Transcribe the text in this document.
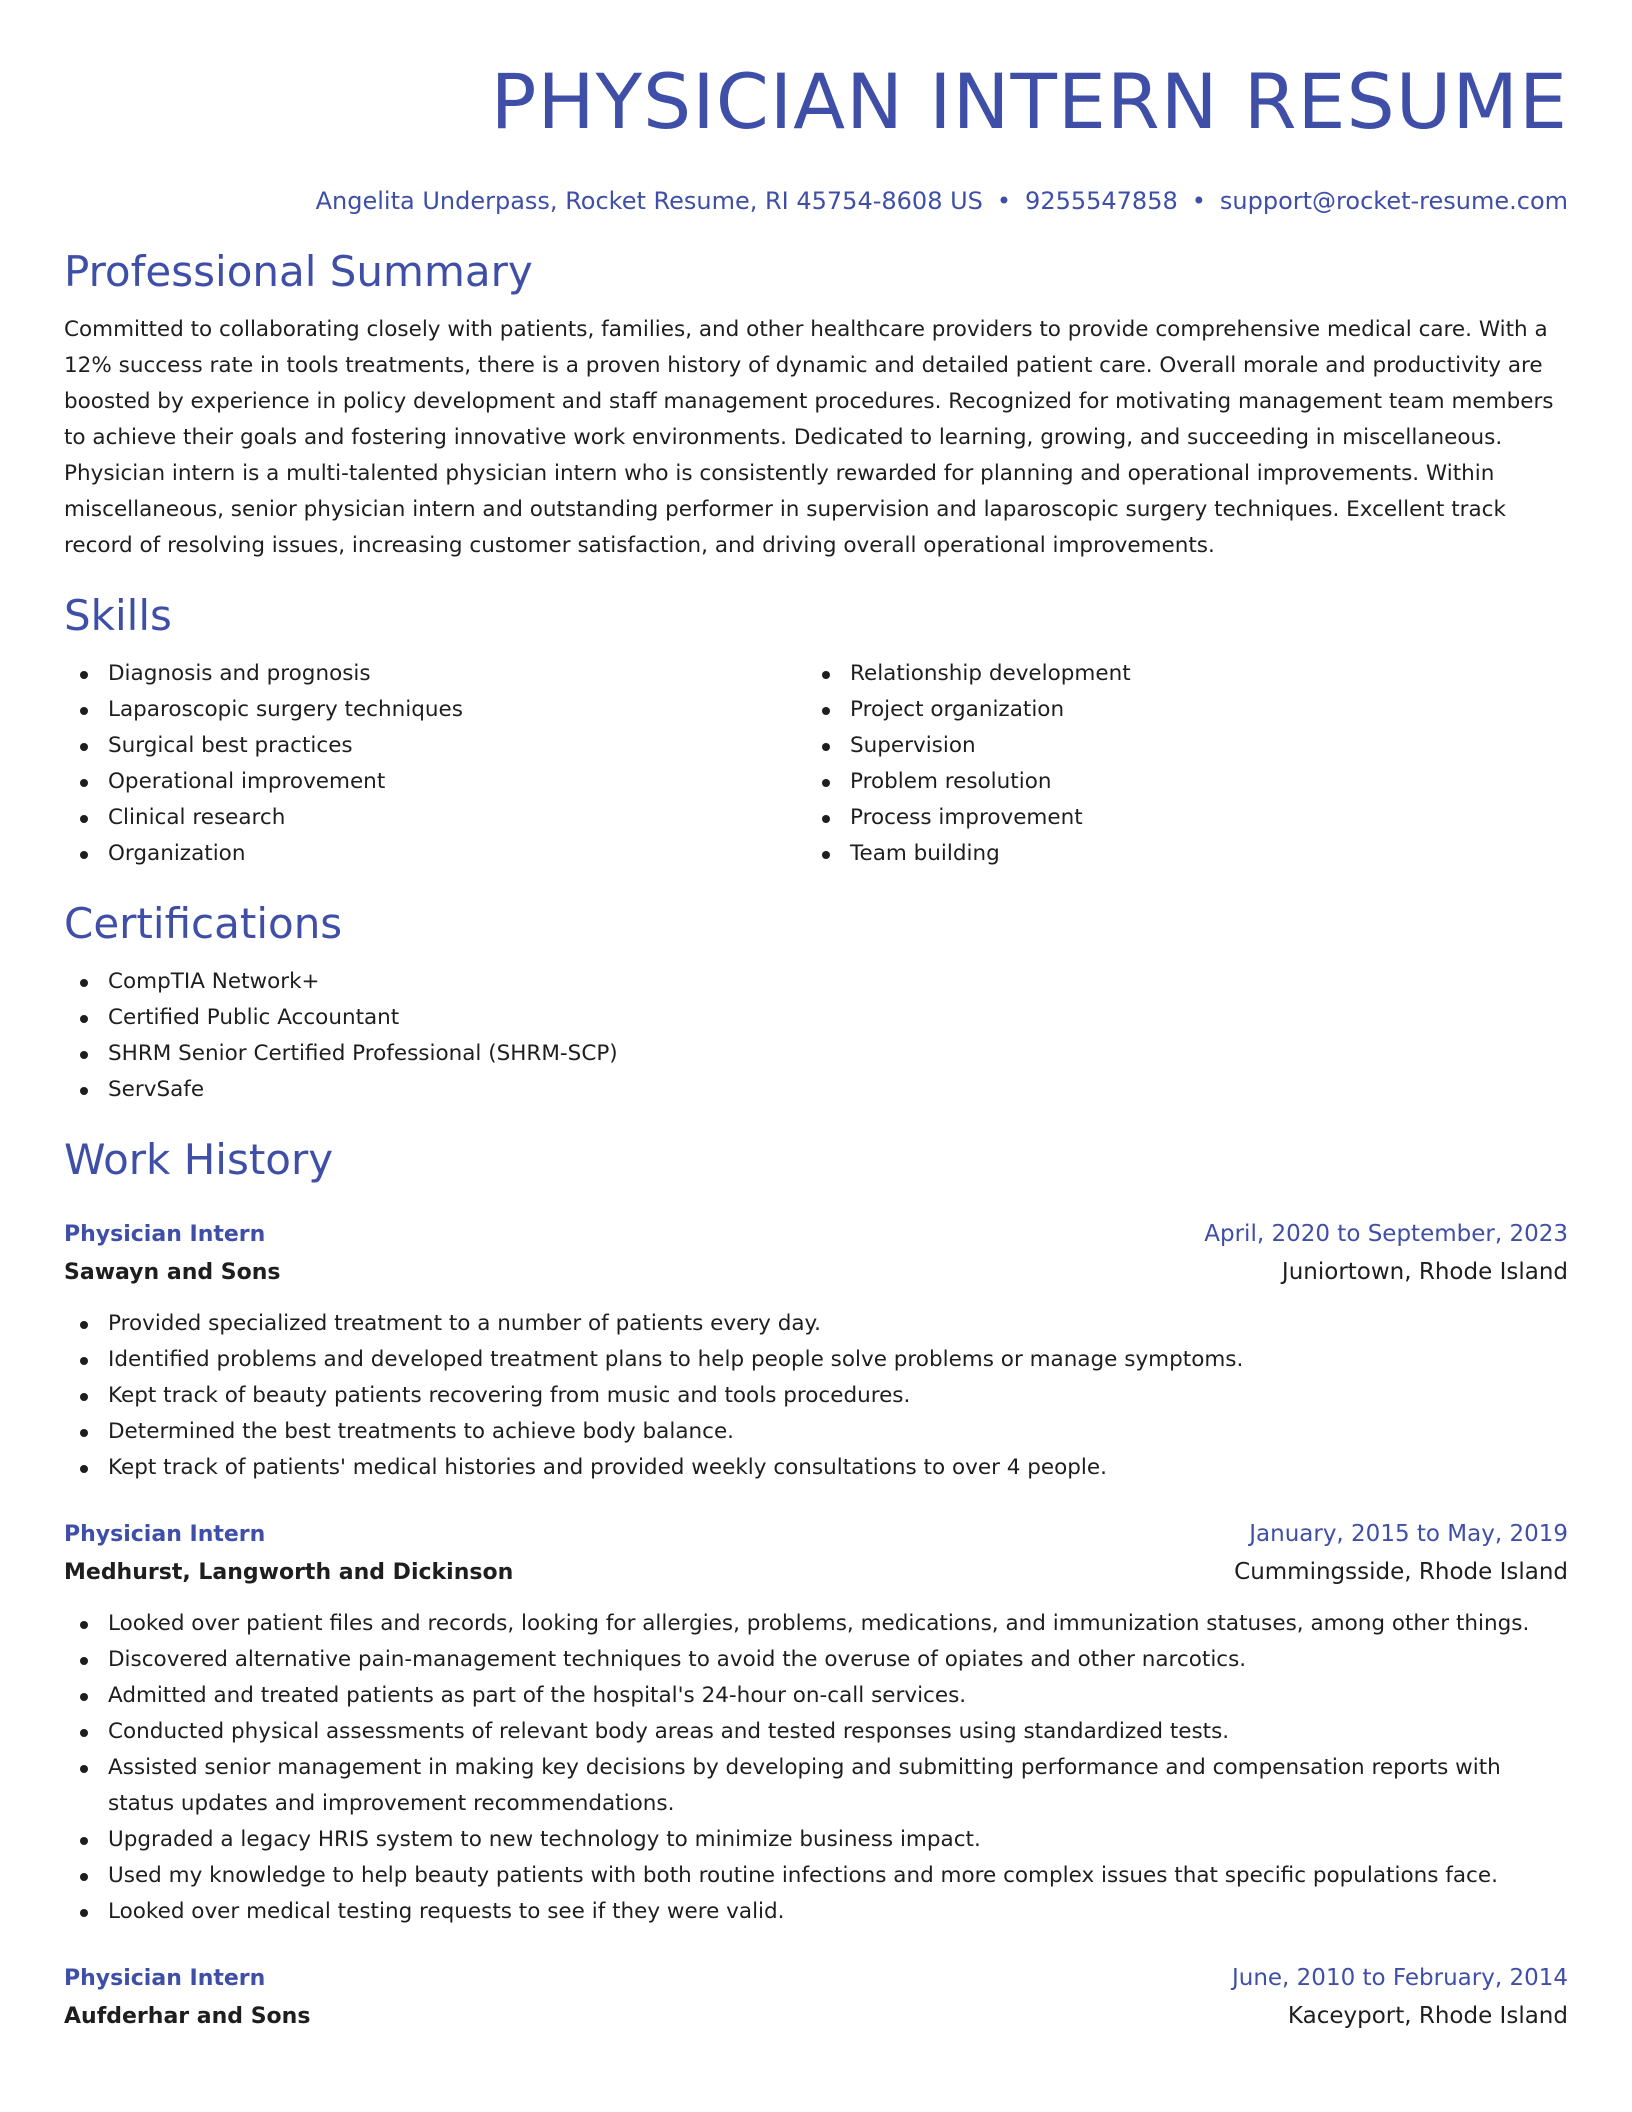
PHYSICIAN INTERN RESUME
Angelita Underpass, Rocket Resume, RI 45754-8608 US • 9255547858 • support@rocket-resume.com
Professional Summary

Committed to collaborating closely with patients, families, and other healthcare providers to provide comprehensive medical care. With a 12% success rate in tools treatments, there is a proven history of dynamic and detailed patient care. Overall morale and productivity are boosted by experience in policy development and staff management procedures. Recognized for motivating management team members to achieve their goals and fostering innovative work environments. Dedicated to learning, growing, and succeeding in miscellaneous. Physician intern is a multi-talented physician intern who is consistently rewarded for planning and operational improvements. Within miscellaneous, senior physician intern and outstanding performer in supervision and laparoscopic surgery techniques. Excellent track record of resolving issues, increasing customer satisfaction, and driving overall operational improvements.

Skills
Diagnosis and prognosis
Laparoscopic surgery techniques
Surgical best practices
Operational improvement
Clinical research
Organization
Relationship development
Project organization
Supervision
Problem resolution
Process improvement
Team building
Certifications
CompTIA Network+
Certified Public Accountant
SHRM Senior Certified Professional (SHRM-SCP)
ServSafe
Work History
Physician Intern	April, 2020 to September, 2023
Sawayn and Sons	Juniortown, Rhode Island
Provided specialized treatment to a number of patients every day.
Identified problems and developed treatment plans to help people solve problems or manage symptoms.
Kept track of beauty patients recovering from music and tools procedures.
Determined the best treatments to achieve body balance.
Kept track of patients' medical histories and provided weekly consultations to over 4 people.
Physician Intern	January, 2015 to May, 2019
Medhurst, Langworth and Dickinson	Cummingsside, Rhode Island
Looked over patient files and records, looking for allergies, problems, medications, and immunization statuses, among other things.
Discovered alternative pain-management techniques to avoid the overuse of opiates and other narcotics.
Admitted and treated patients as part of the hospital's 24-hour on-call services.
Conducted physical assessments of relevant body areas and tested responses using standardized tests.
Assisted senior management in making key decisions by developing and submitting performance and compensation reports with status updates and improvement recommendations.
Upgraded a legacy HRIS system to new technology to minimize business impact.
Used my knowledge to help beauty patients with both routine infections and more complex issues that specific populations face.
Looked over medical testing requests to see if they were valid.
Physician Intern	June, 2010 to February, 2014
Aufderhar and Sons	Kaceyport, Rhode Island
